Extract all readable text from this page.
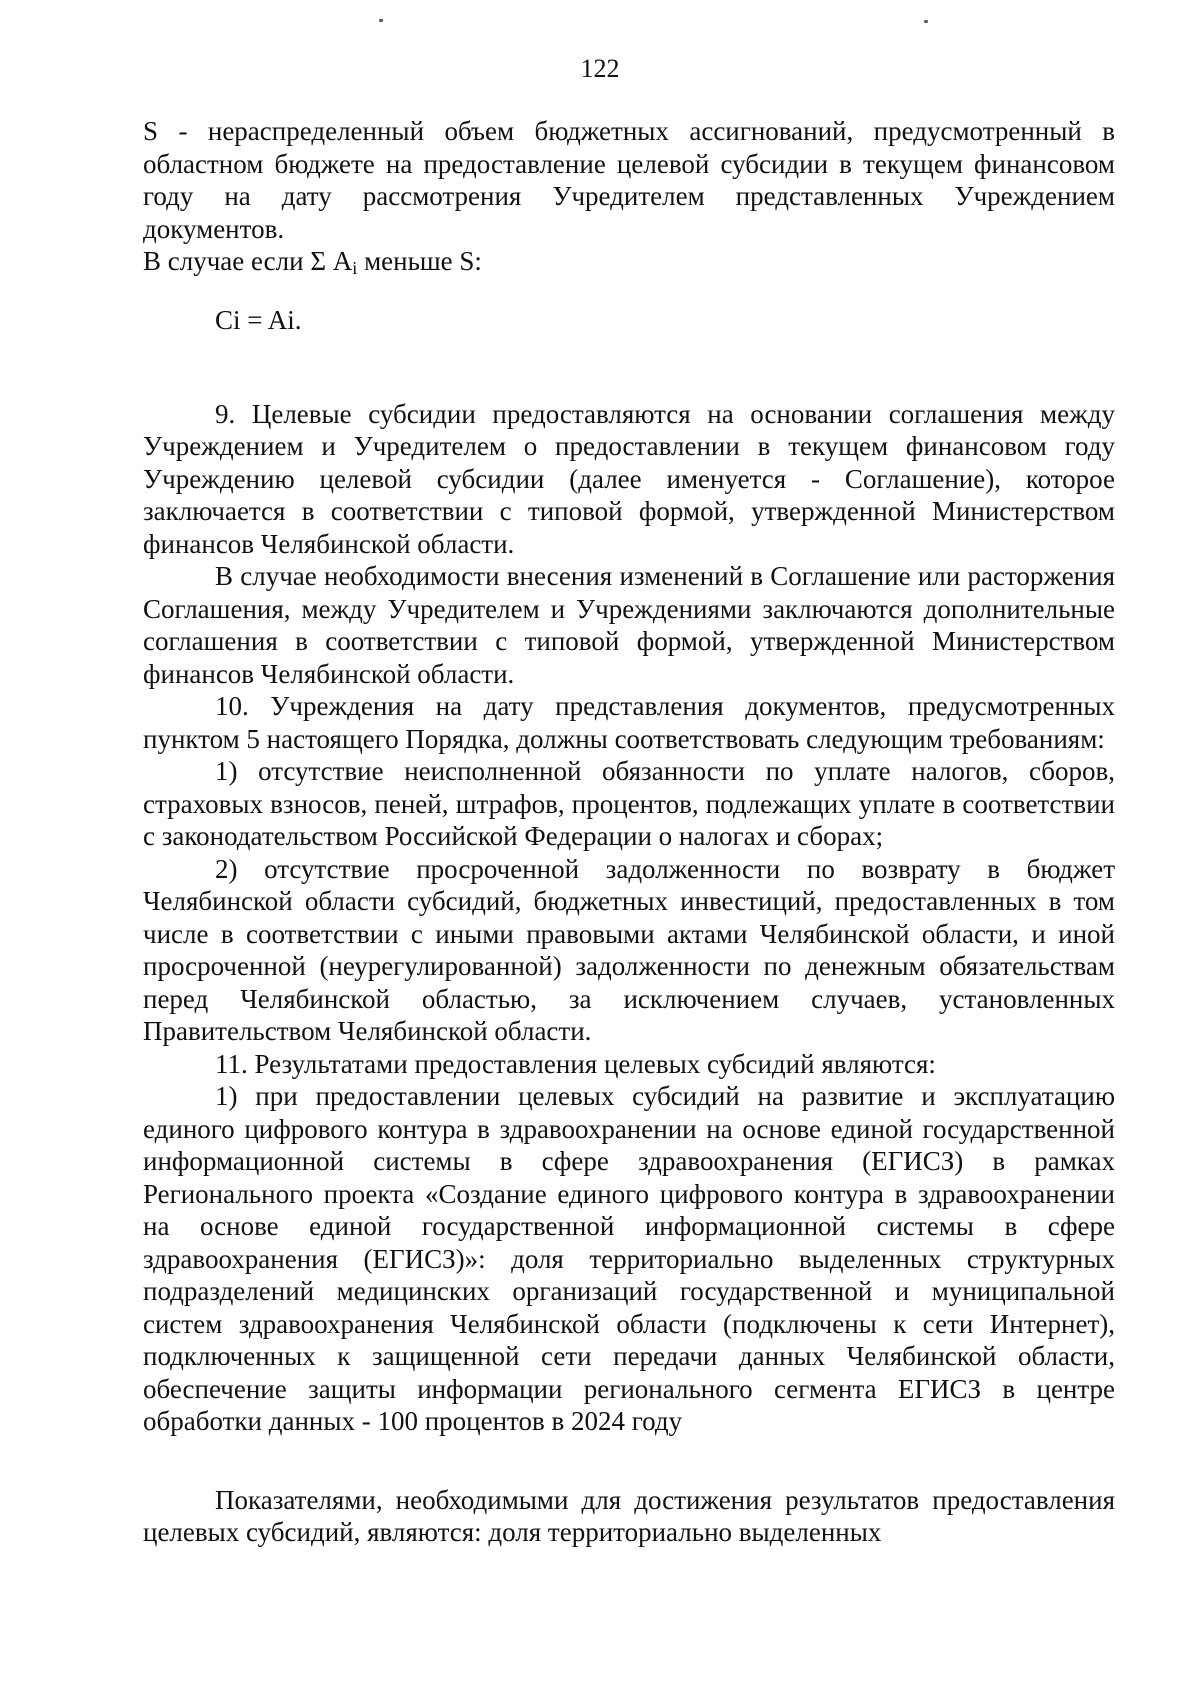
122

S - нераспределенный объем бюджетных ассигнований, предусмотренный в областном бюджете на предоставление целевой субсидии в текущем финансовом году на дату рассмотрения Учредителем представленных Учреждением документов.

В случае если Σ $A_i$ меньше S:

Ci = Ai.

9. Целевые субсидии предоставляются на основании соглашения между Учреждением и Учредителем о предоставлении в текущем финансовом году Учреждению целевой субсидии (далее именуется - Соглашение), которое заключается в соответствии с типовой формой, утвержденной Министерством финансов Челябинской области.

В случае необходимости внесения изменений в Соглашение или расторжения Соглашения, между Учредителем и Учреждениями заключаются дополнительные соглашения в соответствии с типовой формой, утвержденной Министерством финансов Челябинской области.

10. Учреждения на дату представления документов, предусмотренных пунктом 5 настоящего Порядка, должны соответствовать следующим требованиям:

1) отсутствие неисполненной обязанности по уплате налогов, сборов, страховых взносов, пеней, штрафов, процентов, подлежащих уплате в соответствии с законодательством Российской Федерации о налогах и сборах;

2) отсутствие просроченной задолженности по возврату в бюджет Челябинской области субсидий, бюджетных инвестиций, предоставленных в том числе в соответствии с иными правовыми актами Челябинской области, и иной просроченной (неурегулированной) задолженности по денежным обязательствам перед Челябинской областью, за исключением случаев, установленных Правительством Челябинской области.

11. Результатами предоставления целевых субсидий являются:

1) при предоставлении целевых субсидий на развитие и эксплуатацию единого цифрового контура в здравоохранении на основе единой государственной информационной системы в сфере здравоохранения (ЕГИСЗ) в рамках Регионального проекта «Создание единого цифрового контура в здравоохранении на основе единой государственной информационной системы в сфере здравоохранения (ЕГИСЗ)»: доля территориально выделенных структурных подразделений медицинских организаций государственной и муниципальной систем здравоохранения Челябинской области (подключены к сети Интернет), подключенных к защищенной сети передачи данных Челябинской области, обеспечение защиты информации регионального сегмента ЕГИСЗ в центре обработки данных - 100 процентов в 2024 году

Показателями, необходимыми для достижения результатов предоставления целевых субсидий, являются: доля территориально выделенных
